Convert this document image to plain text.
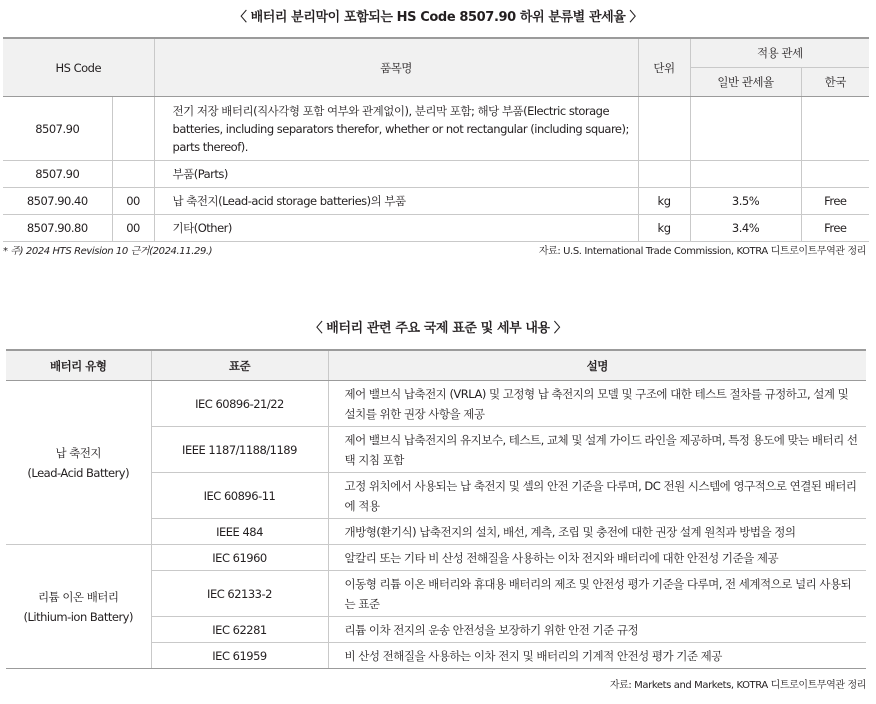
〈 배터리 분리막이 포함되는 HS Code 8507.90 하위 분류별 관세율 〉
HS Code		품목명	단위	적용 관세	
				일반 관세율	한국
8507.90		전기 저장 배터리(직사각형 포함 여부와 관계없이), 분리막 포함; 해당 부품(Electric storage batteries, including separators therefor, whether or not rectangular (including square); parts thereof).			
8507.90		부품(Parts)			
8507.90.40	00	납 축전지(Lead-acid storage batteries)의 부품	kg	3.5%	Free
8507.90.80	00	기타(Other)	kg	3.4%	Free
* 주) 2024 HTS Revision 10 근거(2024.11.29.)	자료: U.S. International Trade Commission, KOTRA 디트로이트무역관 정리
〈 배터리 관련 주요 국제 표준 및 세부 내용 〉
배터리 유형	표준	설명

납 축전지
(Lead-Acid Battery)	IEC 60896-21/22	제어 밸브식 납축전지 (VRLA) 및 고정형 납 축전지의 모델 및 구조에 대한 테스트 절차를 규정하고, 설계 및 설치를 위한 권장 사항을 제공
	IEEE 1187/1188/1189	제어 밸브식 납축전지의 유지보수, 테스트, 교체 및 설계 가이드 라인을 제공하며, 특정 용도에 맞는 배터리 선택 지침 포함
	IEC 60896-11	고정 위치에서 사용되는 납 축전지 및 셀의 안전 기준을 다루며, DC 전원 시스템에 영구적으로 연결된 배터리에 적용
	IEEE 484	개방형(환기식) 납축전지의 설치, 배선, 계측, 조립 및 충전에 대한 권장 설계 원칙과 방법을 정의

리튬 이온 배터리
(Lithium-ion Battery)	IEC 61960	알칼리 또는 기타 비 산성 전해질을 사용하는 이차 전지와 배터리에 대한 안전성 기준을 제공
	IEC 62133-2	이동형 리튬 이온 배터리와 휴대용 배터리의 제조 및 안전성 평가 기준을 다루며, 전 세계적으로 널리 사용되는 표준
	IEC 62281	리튬 이차 전지의 운송 안전성을 보장하기 위한 안전 기준 규정
	IEC 61959	비 산성 전해질을 사용하는 이차 전지 및 배터리의 기계적 안전성 평가 기준 제공
자료: Markets and Markets, KOTRA 디트로이트무역관 정리
